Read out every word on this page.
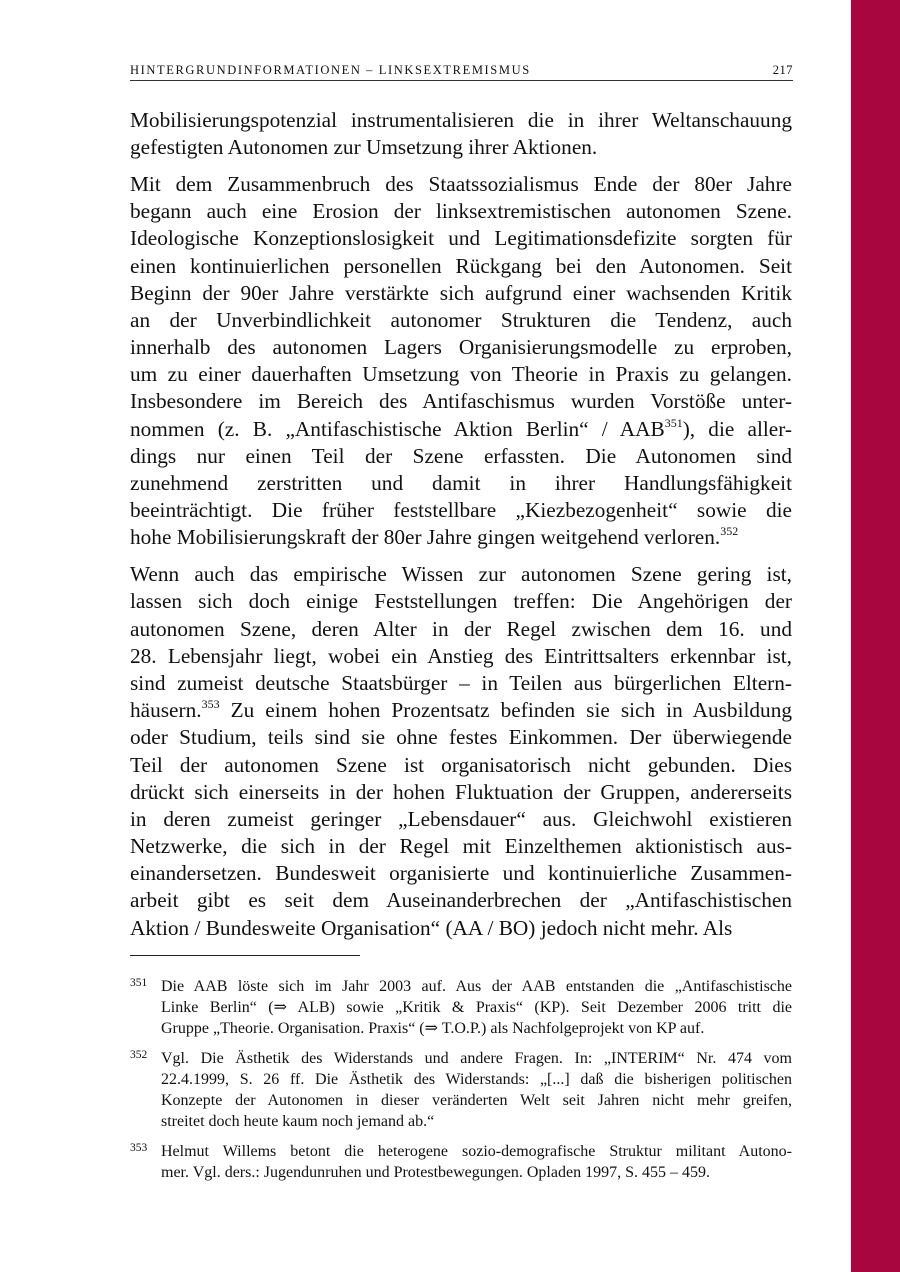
HINTERGRUNDINFORMATIONEN – LINKSEXTREMISMUS	217
Mobilisierungspotenzial instrumentalisieren die in ihrer Weltanschauung
gefestigten Autonomen zur Umsetzung ihrer Aktionen.
Mit dem Zusammenbruch des Staatssozialismus Ende der 80er Jahre
begann auch eine Erosion der linksextremistischen autonomen Szene.
Ideologische Konzeptionslosigkeit und Legitimationsdefizite sorgten für
einen kontinuierlichen personellen Rückgang bei den Autonomen. Seit
Beginn der 90er Jahre verstärkte sich aufgrund einer wachsenden Kritik
an der Unverbindlichkeit autonomer Strukturen die Tendenz, auch
innerhalb des autonomen Lagers Organisierungsmodelle zu erproben,
um zu einer dauerhaften Umsetzung von Theorie in Praxis zu gelangen.
Insbesondere im Bereich des Antifaschismus wurden Vorstöße unter-
nommen (z. B. „Antifaschistische Aktion Berlin“ / AAB$^{351}$), die aller-
dings nur einen Teil der Szene erfassten. Die Autonomen sind
zunehmend zerstritten und damit in ihrer Handlungsfähigkeit
beeinträchtigt. Die früher feststellbare „Kiezbezogenheit“ sowie die
hohe Mobilisierungskraft der 80er Jahre gingen weitgehend verloren.$^{352}$
Wenn auch das empirische Wissen zur autonomen Szene gering ist,
lassen sich doch einige Feststellungen treffen: Die Angehörigen der
autonomen Szene, deren Alter in der Regel zwischen dem 16. und
28. Lebensjahr liegt, wobei ein Anstieg des Eintrittsalters erkennbar ist,
sind zumeist deutsche Staatsbürger – in Teilen aus bürgerlichen Eltern-
häusern.$^{353}$ Zu einem hohen Prozentsatz befinden sie sich in Ausbildung
oder Studium, teils sind sie ohne festes Einkommen. Der überwiegende
Teil der autonomen Szene ist organisatorisch nicht gebunden. Dies
drückt sich einerseits in der hohen Fluktuation der Gruppen, andererseits
in deren zumeist geringer „Lebensdauer“ aus. Gleichwohl existieren
Netzwerke, die sich in der Regel mit Einzelthemen aktionistisch aus-
einandersetzen. Bundesweit organisierte und kontinuierliche Zusammen-
arbeit gibt es seit dem Auseinanderbrechen der „Antifaschistischen
Aktion / Bundesweite Organisation“ (AA / BO) jedoch nicht mehr. Als
351 Die AAB löste sich im Jahr 2003 auf. Aus der AAB entstanden die „Antifaschistische
Linke Berlin“ (⇒ ALB) sowie „Kritik & Praxis“ (KP). Seit Dezember 2006 tritt die
Gruppe „Theorie. Organisation. Praxis“ (⇒ T.O.P.) als Nachfolgeprojekt von KP auf.
352 Vgl. Die Ästhetik des Widerstands und andere Fragen. In: „INTERIM“ Nr. 474 vom
22.4.1999, S. 26 ff. Die Ästhetik des Widerstands: „[...] daß die bisherigen politischen
Konzepte der Autonomen in dieser veränderten Welt seit Jahren nicht mehr greifen,
streitet doch heute kaum noch jemand ab.“
353 Helmut Willems betont die heterogene sozio-demografische Struktur militant Autono-
mer. Vgl. ders.: Jugendunruhen und Protestbewegungen. Opladen 1997, S. 455 – 459.
